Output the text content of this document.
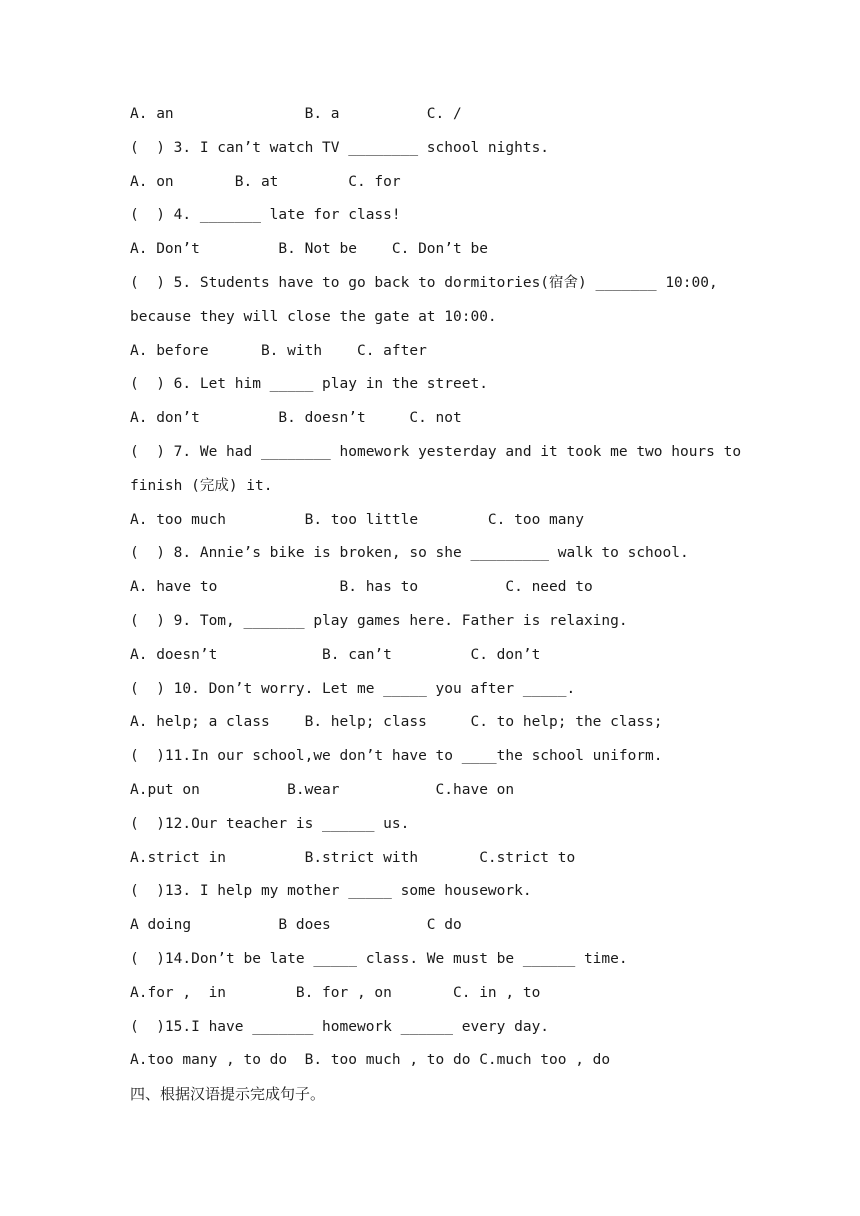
A. an               B. a          C. /
(  ) 3. I can’t watch TV ________ school nights.
A. on       B. at        C. for
(  ) 4. _______ late for class!
A. Don’t         B. Not be    C. Don’t be
(  ) 5. Students have to go back to dormitories(宿舍) _______ 10:00,
because they will close the gate at 10:00.
A. before      B. with    C. after
(  ) 6. Let him _____ play in the street.
A. don’t         B. doesn’t     C. not
(  ) 7. We had ________ homework yesterday and it took me two hours to
finish (完成) it.
A. too much         B. too little        C. too many
(  ) 8. Annie’s bike is broken, so she _________ walk to school.
A. have to              B. has to          C. need to
(  ) 9. Tom, _______ play games here. Father is relaxing.
A. doesn’t            B. can’t         C. don’t
(  ) 10. Don’t worry. Let me _____ you after _____.
A. help; a class    B. help; class     C. to help; the class;
(  )11.In our school,we don’t have to ____the school uniform.
A.put on          B.wear           C.have on
(  )12.Our teacher is ______ us.
A.strict in         B.strict with       C.strict to
(  )13. I help my mother _____ some housework.
A doing          B does           C do
(  )14.Don’t be late _____ class. We must be ______ time.
A.for ,  in        B. for , on       C. in , to
(  )15.I have _______ homework ______ every day.
A.too many , to do  B. too much , to do C.much too , do
四、根据汉语提示完成句子。
